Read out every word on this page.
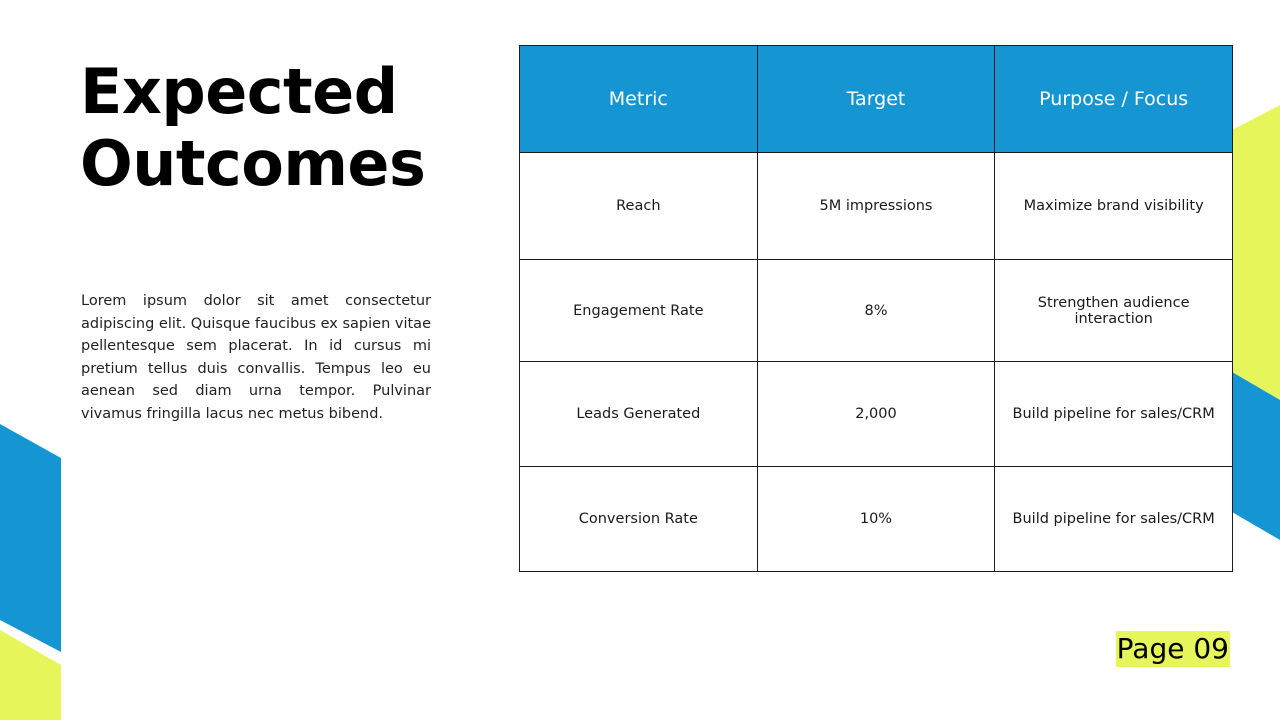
Expected
Outcomes

Lorem ipsum dolor sit amet consectetur adipiscing elit. Quisque faucibus ex sapien vitae pellentesque sem placerat. In id cursus mi pretium tellus duis convallis. Tempus leo eu aenean sed diam urna tempor. Pulvinar vivamus fringilla lacus nec metus bibend.

Metric	Target	Purpose / Focus
Reach	5M impressions	Maximize brand visibility
Engagement Rate	8%	Strengthen audience interaction
Leads Generated	2,000	Build pipeline for sales/CRM
Conversion Rate	10%	Build pipeline for sales/CRM
Page 09
